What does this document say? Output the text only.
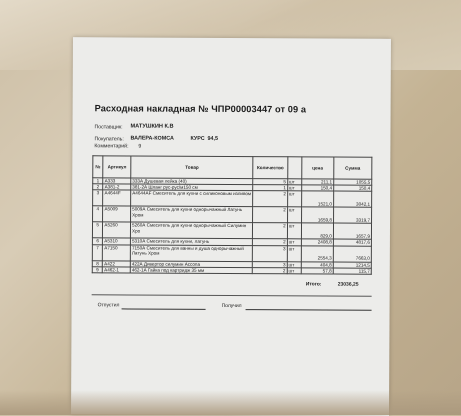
Расходная накладная № ЧПР00003447 от 09 а
Поставщик: МАТУШКИН К.В
Покупатель: ВАЛЕРА-КОМСА	КУРС 94,5
Комментарий: 9
№	Артикул	Товар	Количество		цена	Сумма
1	A333	333А Душевая лейка (40)	5	шт	211,1	1055,5
2	A381-2	381-2А Шланг рус-рус/м150 см	1	шт	150,4	150,4
3	A4644F	A4644AF Смеситель для кухни с силиконовым изливом	2	шт	1521,0	3042,1
4	A5009	5009А Смеситель для кухни однорычажный Латунь Хром	2	шт	1659,8	3319,7
5	A5260	5260А Смеситель для кухни однорычажный Силумин Хро	2	шт	829,0	1657,9
6	A5310	5310А Смеситель для кухни, латунь	2	шт	2408,8	4817,6
7	A7150	7150А Смеситель для ванны и душа однорычажный Латунь Хром	3	шт	2554,3	7663,0
8	A422	422А Дивертор силумин Accona	3	шт	404,8	1214,5
9	A462-1	462-1А Гайка под картридж 35 мм	2	шт	57,8	115,7
Итого:	23036,25
Отпустил	Получил
